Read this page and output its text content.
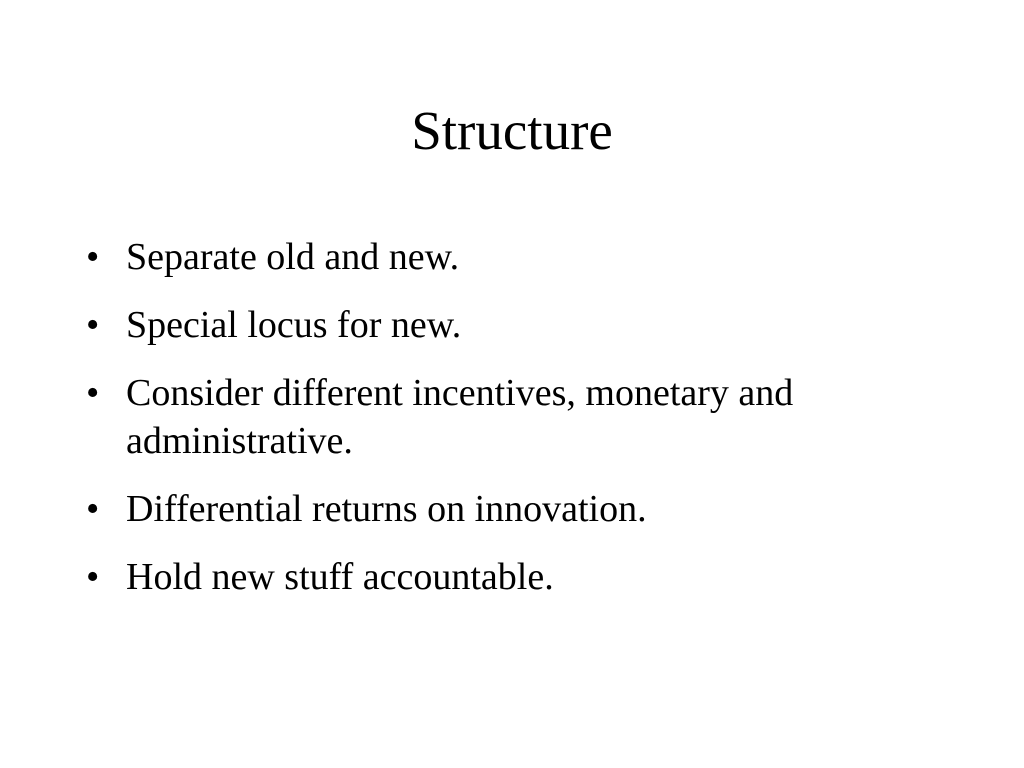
Structure
• Separate old and new.
• Special locus for new.
• Consider different incentives, monetary and administrative.
• Differential returns on innovation.
• Hold new stuff accountable.
